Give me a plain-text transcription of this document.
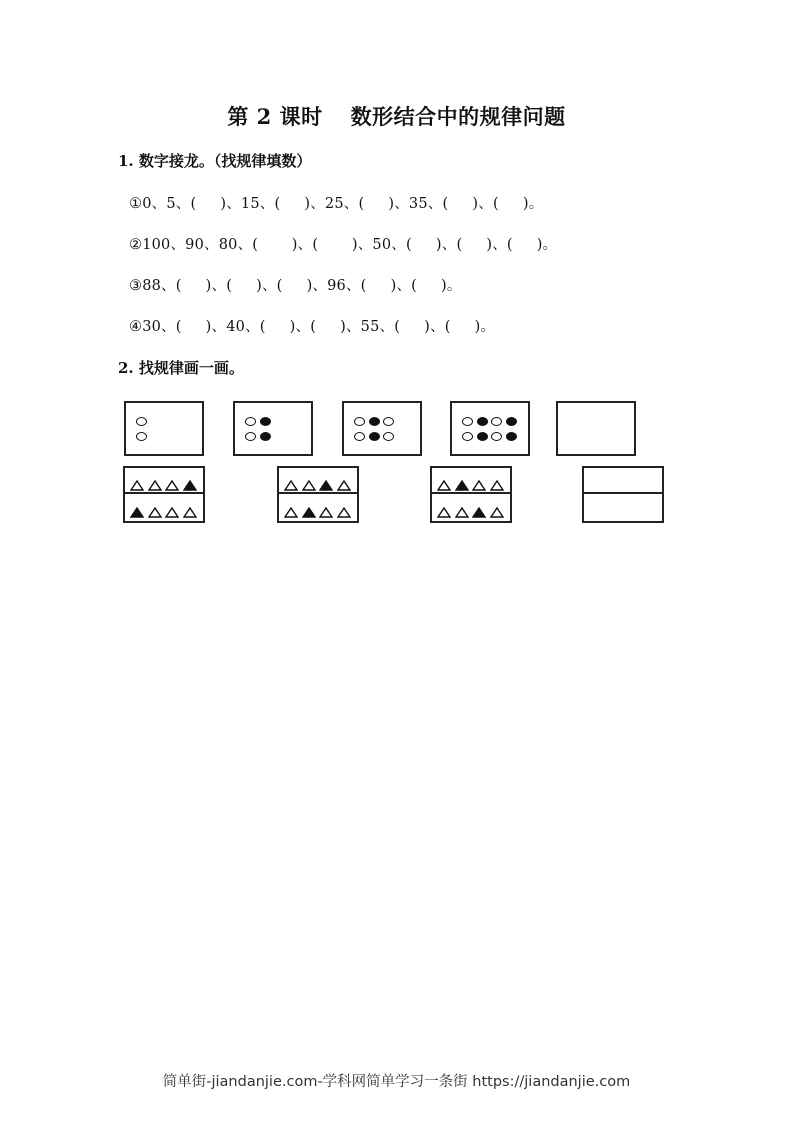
第 2 课时 数形结合中的规律问题
1. 数字接龙。（找规律填数）
①0、5、(     )、15、(     )、25、(     )、35、(     )、(     )。
②100、90、80、(       )、(       )、50、(     )、(     )、(     )。
③88、(     )、(     )、(     )、96、(     )、(     )。
④30、(     )、40、(     )、(     )、55、(     )、(     )。
2. 找规律画一画。
简单街-jiandanjie.com-学科网简单学习一条街 https://jiandanjie.com
